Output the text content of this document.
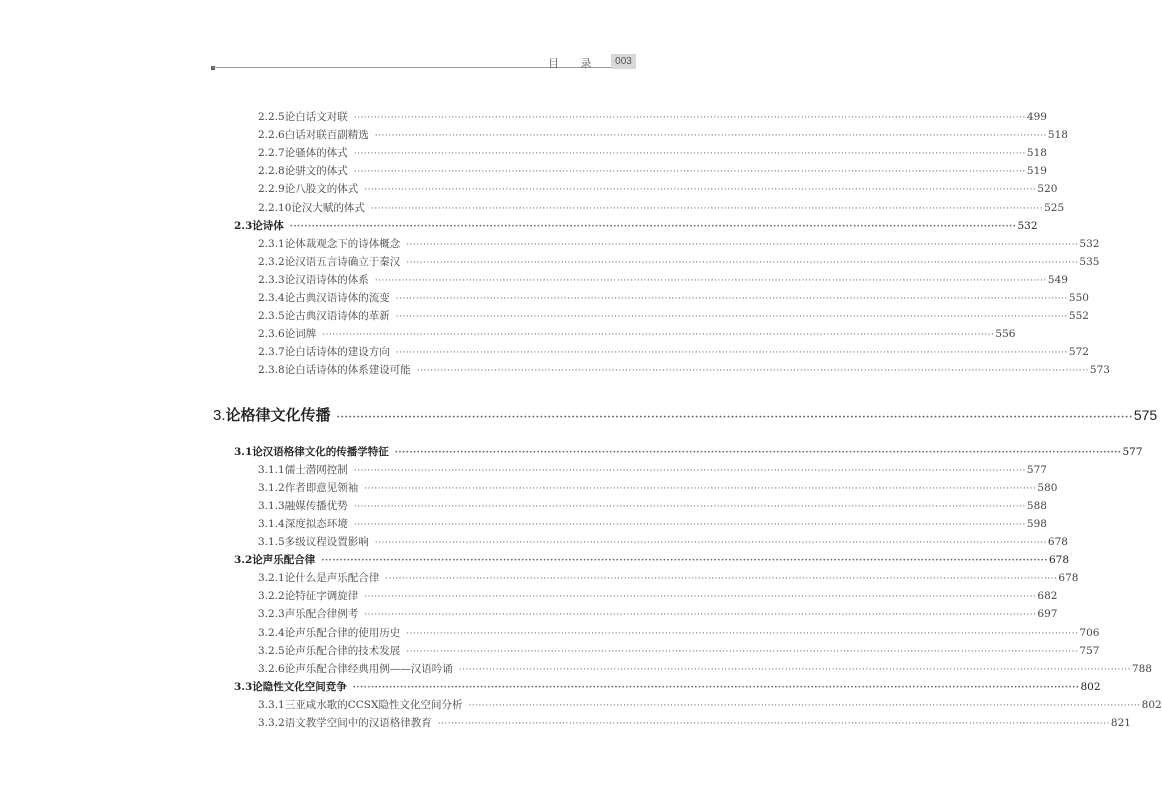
目 录	003
2.2.5 论白话文对联 ········································································································································································································ 499
2.2.6 白话对联百副精选 ········································································································································································································ 518
2.2.7 论骚体的体式 ········································································································································································································ 518
2.2.8 论骈文的体式 ········································································································································································································ 519
2.2.9 论八股文的体式 ········································································································································································································ 520
2.2.10 论汉大赋的体式 ········································································································································································································ 525
2.3 论诗体 ········································································································································································································ 532
2.3.1 论体裁观念下的诗体概念 ········································································································································································································ 532
2.3.2 论汉语五言诗确立于秦汉 ········································································································································································································ 535
2.3.3 论汉语诗体的体系 ········································································································································································································ 549
2.3.4 论古典汉语诗体的流变 ········································································································································································································ 550
2.3.5 论古典汉语诗体的革新 ········································································································································································································ 552
2.3.6 论词牌 ········································································································································································································ 556
2.3.7 论白话诗体的建设方向 ········································································································································································································ 572
2.3.8 论白话诗体的体系建设可能 ········································································································································································································ 573
3. 论格律文化传播 ········································································································································································································ 575
3.1 论汉语格律文化的传播学特征 ········································································································································································································ 577
3.1.1 儒士潜网控制 ········································································································································································································ 577
3.1.2 作者即意见领袖 ········································································································································································································ 580
3.1.3 融媒传播优势 ········································································································································································································ 588
3.1.4 深度拟态环境 ········································································································································································································ 598
3.1.5 多级议程设置影响 ········································································································································································································ 678
3.2 论声乐配合律 ········································································································································································································ 678
3.2.1 论什么是声乐配合律 ········································································································································································································ 678
3.2.2 论特征字调旋律 ········································································································································································································ 682
3.2.3 声乐配合律例考 ········································································································································································································ 697
3.2.4 论声乐配合律的使用历史 ········································································································································································································ 706
3.2.5 论声乐配合律的技术发展 ········································································································································································································ 757
3.2.6 论声乐配合律经典用例——汉语吟诵 ········································································································································································································ 788
3.3 论隐性文化空间竞争 ········································································································································································································ 802
3.3.1 三亚咸水歌的CCSX隐性文化空间分析 ········································································································································································································ 802
3.3.2 语文教学空间中的汉语格律教育 ········································································································································································································ 821
